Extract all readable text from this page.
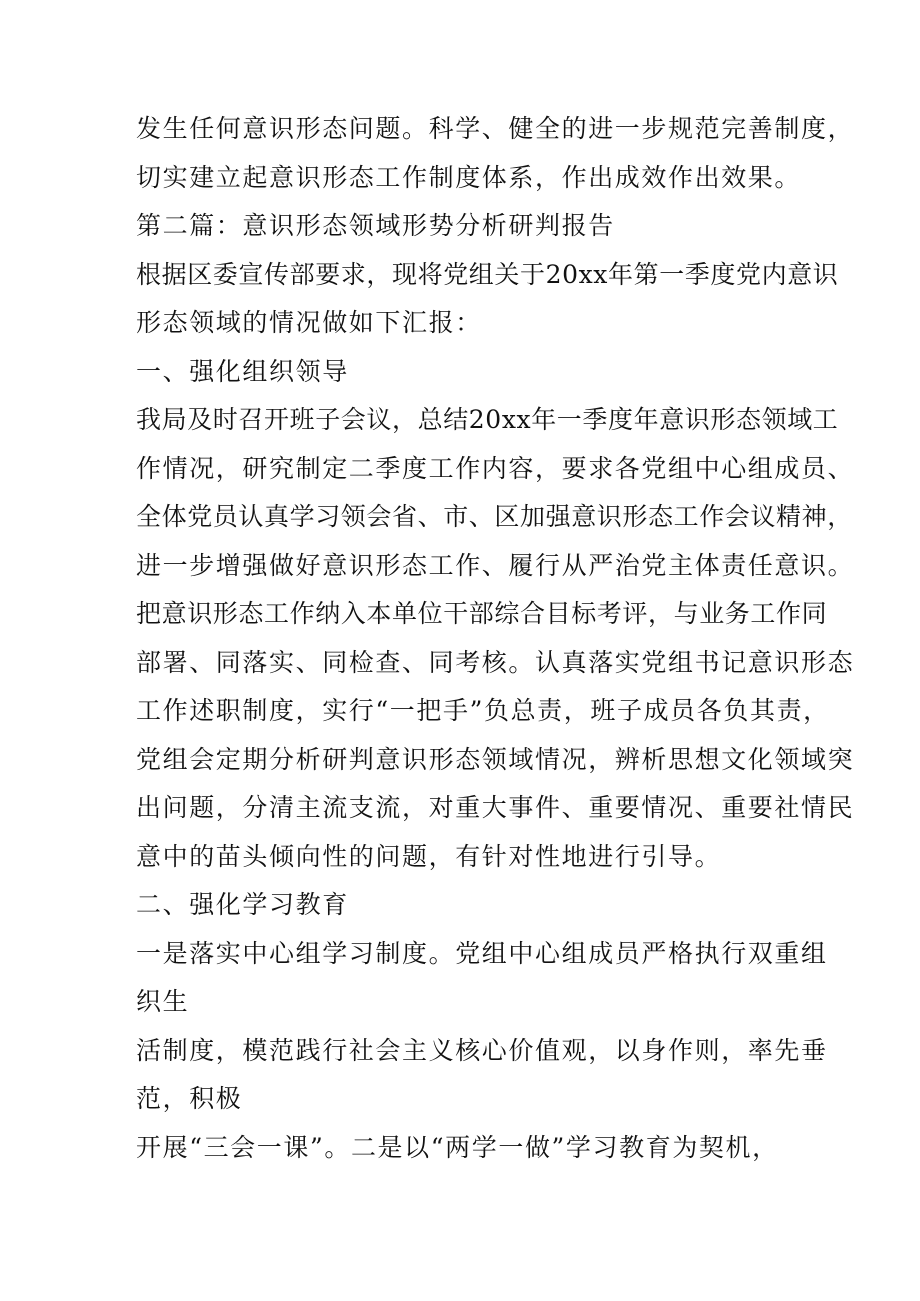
发生任何意识形态问题。科学、健全的进一步规范完善制度，
切实建立起意识形态工作制度体系，作出成效作出效果。
第二篇：意识形态领域形势分析研判报告
根据区委宣传部要求，现将党组关于20xx年第一季度党内意识
形态领域的情况做如下汇报：
一、强化组织领导
我局及时召开班子会议，总结20xx年一季度年意识形态领域工
作情况，研究制定二季度工作内容，要求各党组中心组成员、
全体党员认真学习领会省、市、区加强意识形态工作会议精神，
进一步增强做好意识形态工作、履行从严治党主体责任意识。
把意识形态工作纳入本单位干部综合目标考评，与业务工作同
部署、同落实、同检查、同考核。认真落实党组书记意识形态
工作述职制度，实行“一把手”负总责，班子成员各负其责，
党组会定期分析研判意识形态领域情况，辨析思想文化领域突
出问题，分清主流支流，对重大事件、重要情况、重要社情民
意中的苗头倾向性的问题，有针对性地进行引导。
二、强化学习教育
一是落实中心组学习制度。党组中心组成员严格执行双重组
织生
活制度，模范践行社会主义核心价值观，以身作则，率先垂
范，积极
开展“三会一课”。二是以“两学一做”学习教育为契机，
